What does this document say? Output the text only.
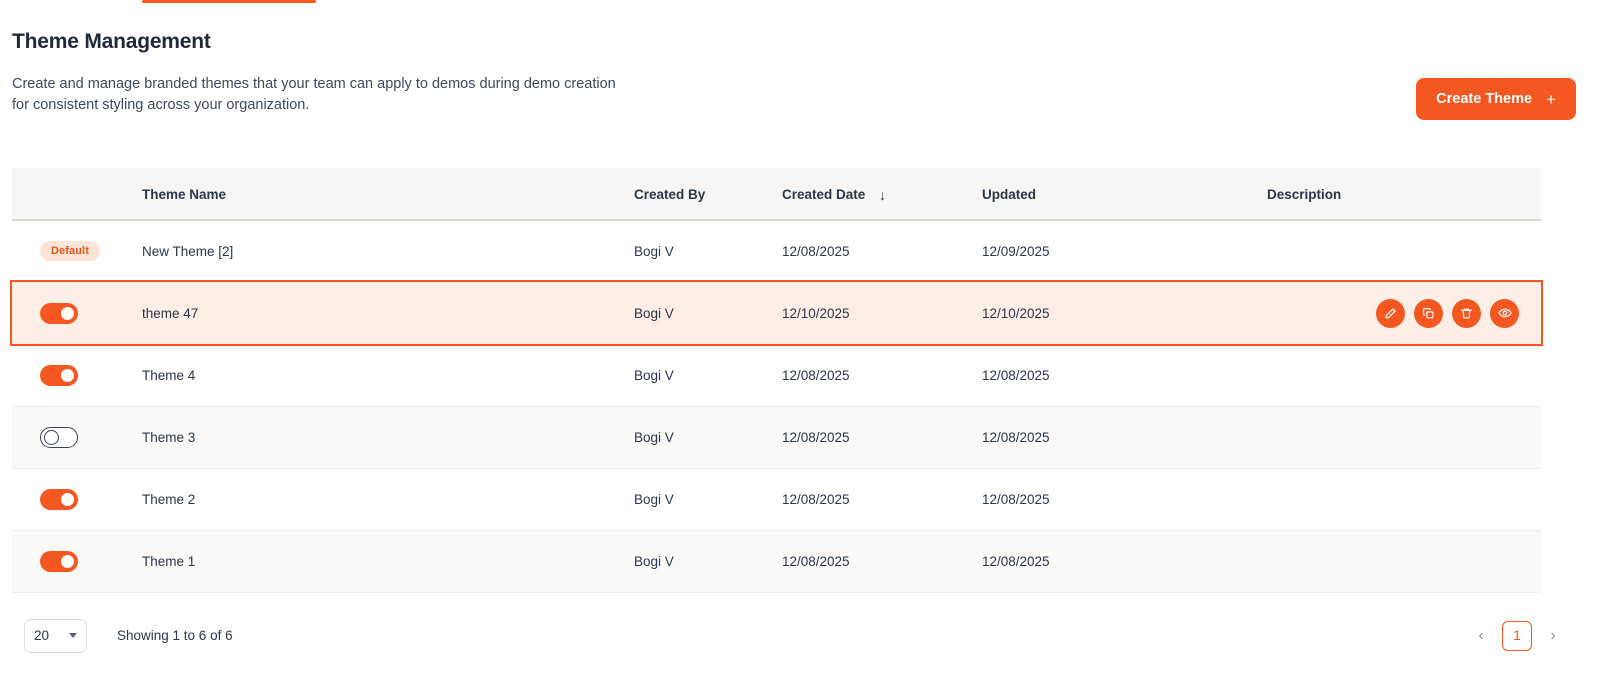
Theme Management

Create and manage branded themes that your team can apply to demos during demo creation for consistent styling across your organization.	Create Theme +
	Theme Name	Created By	Created Date ↓	Updated	Description
Default	New Theme [2]	Bogi V	12/08/2025	12/09/2025	

	theme 47	Bogi V	12/10/2025	12/10/2025	

	Theme 4	Bogi V	12/08/2025	12/08/2025	

	Theme 3	Bogi V	12/08/2025	12/08/2025	

	Theme 2	Bogi V	12/08/2025	12/08/2025	

	Theme 1	Bogi V	12/08/2025	12/08/2025	
20	Showing 1 to 6 of 6	‹	1	›
